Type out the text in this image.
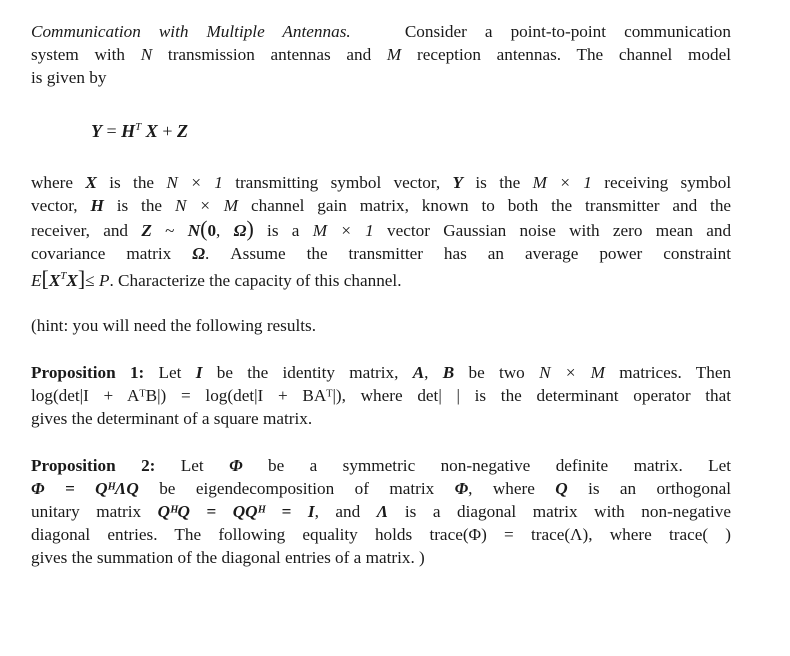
Communication with Multiple Antennas.	Consider a point-to-point communication
system with N transmission antennas and M reception antennas. The channel model
is given by

$Y = H^T$ X + Z

where X is the N × 1 transmitting symbol vector, Y is the M × 1 receiving symbol
vector, H is the N × M channel gain matrix, known to both the transmitter and the
receiver, and Z ~ N(0, Ω) is a M × 1 vector Gaussian noise with zero mean and
covariance matrix Ω. Assume the transmitter has an average power constraint
$E[X^TX]\le P$. Characterize the capacity of this channel.

(hint: you will need the following results.

Proposition 1: Let I be the identity matrix, A, B be two N × M matrices. Then
log(det|I + AᵀB|) = log(det|I + BAᵀ|), where det| | is the determinant operator that
gives the determinant of a square matrix.

Proposition 2: Let Φ be a symmetric non-negative definite matrix. Let
Φ = QᴴΛQ be eigendecomposition of matrix Φ, where Q is an orthogonal
unitary matrix QᴴQ = QQᴴ = I, and Λ is a diagonal matrix with non-negative
diagonal entries. The following equality holds trace(Φ) = trace(Λ), where trace( )
gives the summation of the diagonal entries of a matrix. )
